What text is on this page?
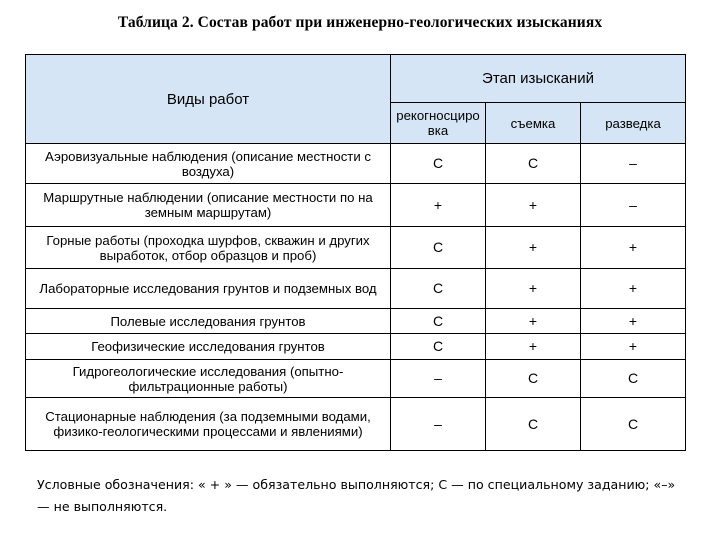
Таблица 2. Состав работ при инженерно-геологических изысканиях
Виды работ	Этап изысканий		
	рекогносцировка	съемка	разведка
Аэровизуальные наблюдения (описание местности с воздуха)	С	С	–
Маршрутные наблюдении (описание местности по на земным маршрутам)	+	+	–
Горные работы (проходка шурфов, скважин и других выработок, отбор образцов и проб)	С	+	+
Лабораторные исследования грунтов и подземных вод	С	+	+
Полевые исследования грунтов	С	+	+
Геофизические исследования грунтов	С	+	+
Гидрогеологические исследования (опытно-фильтрационные работы)	–	С	С
Стационарные наблюдения (за подземными водами, физико-геологическими процессами и явлениями)	–	С	С
Условные обозначения: « + » — обязательно выполняются; С — по специальному заданию; «–» — не выполняются.
